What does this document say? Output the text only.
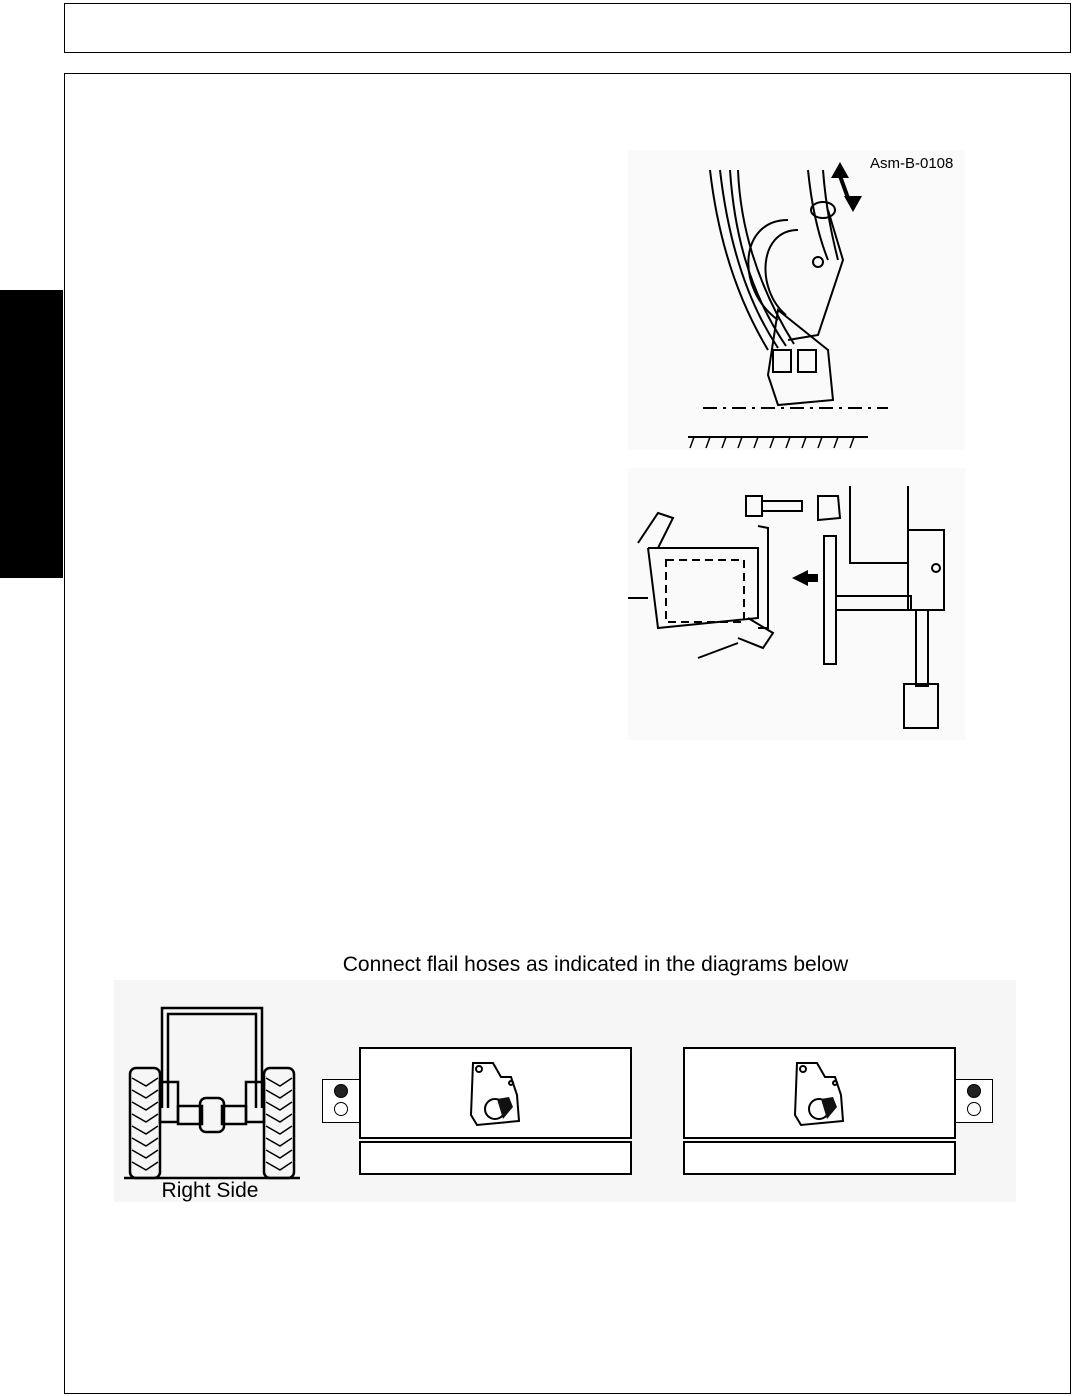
Asm-B-0108
Connect flail hoses as indicated in the diagrams below
Right Side
